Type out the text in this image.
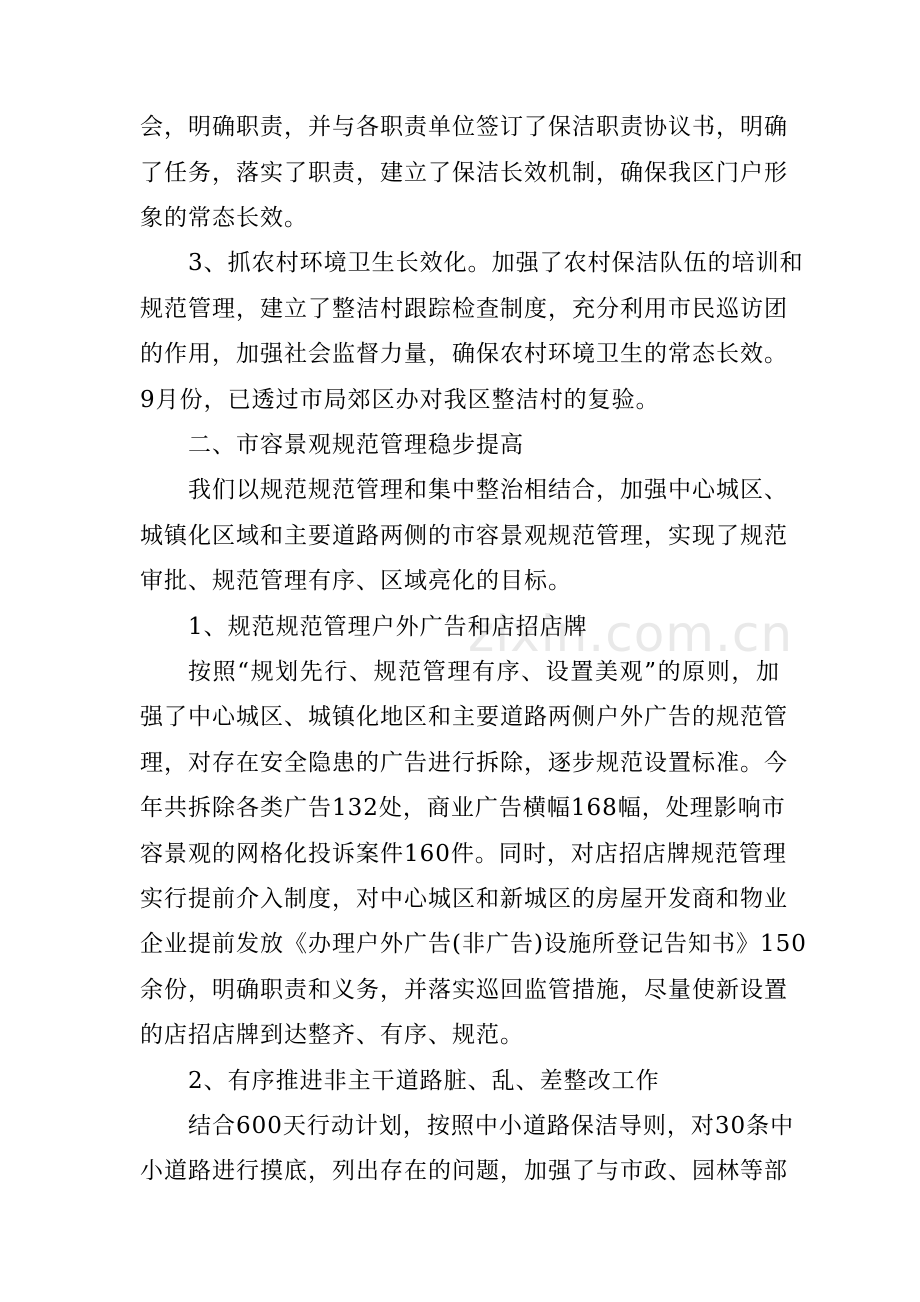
zixin.com.cn
会，明确职责，并与各职责单位签订了保洁职责协议书，明确
了任务，落实了职责，建立了保洁长效机制，确保我区门户形
象的常态长效。
3、抓农村环境卫生长效化。加强了农村保洁队伍的培训和
规范管理，建立了整洁村跟踪检查制度，充分利用市民巡访团
的作用，加强社会监督力量，确保农村环境卫生的常态长效。
9月份，已透过市局郊区办对我区整洁村的复验。
二、市容景观规范管理稳步提高
我们以规范规范管理和集中整治相结合，加强中心城区、
城镇化区域和主要道路两侧的市容景观规范管理，实现了规范
审批、规范管理有序、区域亮化的目标。
1、规范规范管理户外广告和店招店牌
按照“规划先行、规范管理有序、设置美观”的原则，加
强了中心城区、城镇化地区和主要道路两侧户外广告的规范管
理，对存在安全隐患的广告进行拆除，逐步规范设置标准。今
年共拆除各类广告132处，商业广告横幅168幅，处理影响市
容景观的网格化投诉案件160件。同时，对店招店牌规范管理
实行提前介入制度，对中心城区和新城区的房屋开发商和物业
企业提前发放《办理户外广告(非广告)设施所登记告知书》150
余份，明确职责和义务，并落实巡回监管措施，尽量使新设置
的店招店牌到达整齐、有序、规范。
2、有序推进非主干道路脏、乱、差整改工作
结合600天行动计划，按照中小道路保洁导则，对30条中
小道路进行摸底，列出存在的问题，加强了与市政、园林等部
